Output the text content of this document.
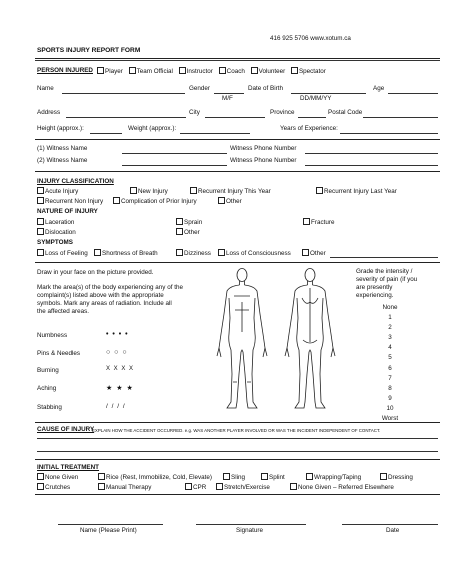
416 925 5706 www.xotum.ca
SPORTS INJURY REPORT FORM
PERSON INJURED	Player Team Official Instructor Coach Volunteer Spectator
Name	Gender	Date of Birth	Age
M/F	DD/MM/YY
Address	City	Province	Postal Code
Height (approx.):	Weight (approx.):	Years of Experience:
(1) Witness Name	Witness Phone Number
(2) Witness Name	Witness Phone Number
INJURY CLASSIFICATION
Acute Injury	New Injury	Recurrent Injury This Year	Recurrent Injury Last Year
Recurrent Non Injury	Complication of Prior Injury	Other
NATURE OF INJURY
Laceration	Sprain	Fracture
Dislocation	Other
SYMPTOMS
Loss of Feeling	Shortness of Breath	Dizziness	Loss of Consciousness	Other
Draw in your face on the picture provided.
Mark the area(s) of the body experiencing any of the
complaint(s) listed above with the appropriate
symbols. Mark any areas of radiation. Include all
the affected areas.
Numbness	• • • •
Pins & Needles	○ ○ ○
Burning	X X X X
Aching	★ ★ ★
Stabbing	/ / / /
Grade the intensity /
severity of pain (if you
are presently
experiencing.
None
1
2
3
4
5
6
7
8
9
10
Worst
CAUSE OF INJURY
EXPLAIN HOW THE ACCIDENT OCCURRED. e.g. WAS ANOTHER PLAYER INVOLVED OR WAS THE INCIDENT INDEPENDENT OF CONTACT.
INITIAL TREATMENT
None Given	Rice (Rest, Immobilize, Cold, Elevate)	Sling	Splint	Wrapping/Taping	Dressing
Crutches	Manual Therapy	CPR	Stretch/Exercise	None Given – Referred Elsewhere
Name (Please Print)	Signature	Date
